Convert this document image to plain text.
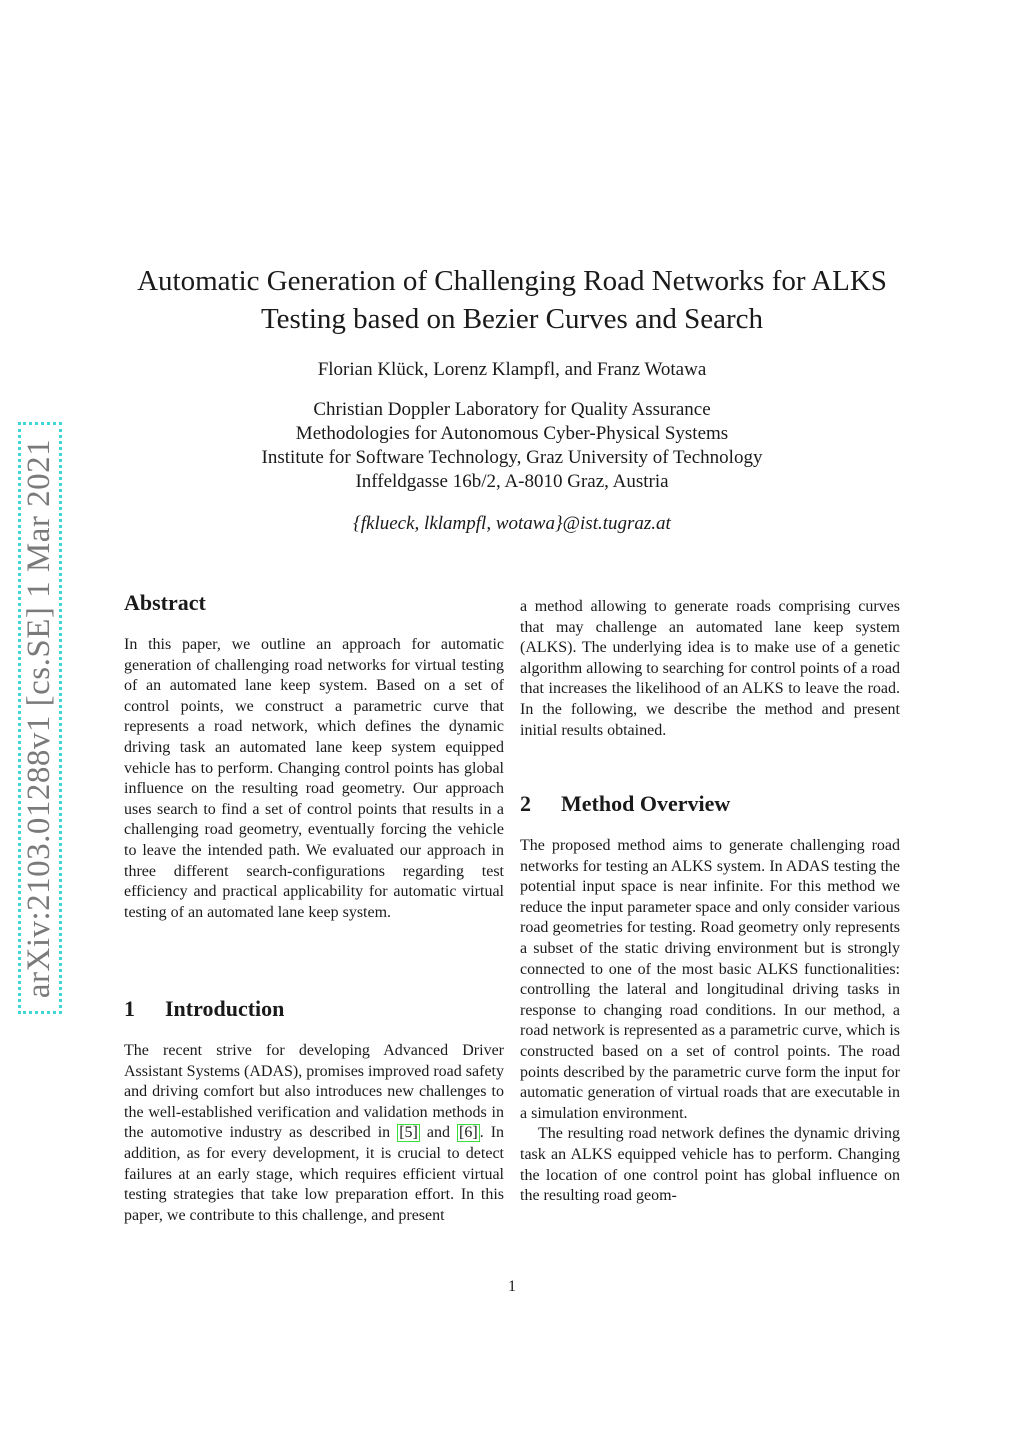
arXiv:2103.01288v1 [cs.SE] 1 Mar 2021
Automatic Generation of Challenging Road Networks for ALKS
Testing based on Bezier Curves and Search
Florian Klück, Lorenz Klampfl, and Franz Wotawa
Christian Doppler Laboratory for Quality Assurance
Methodologies for Autonomous Cyber-Physical Systems
Institute for Software Technology, Graz University of Technology
Inffeldgasse 16b/2, A-8010 Graz, Austria
{fklueck, lklampfl, wotawa}@ist.tugraz.at
Abstract

In this paper, we outline an approach for automatic generation of challenging road networks for virtual testing of an automated lane keep system. Based on a set of control points, we construct a parametric curve that represents a road network, which defines the dynamic driving task an automated lane keep system equipped vehicle has to perform. Changing control points has global influence on the resulting road geometry. Our approach uses search to find a set of control points that results in a challenging road geometry, eventually forcing the vehicle to leave the intended path. We evaluated our approach in three different search-configurations regarding test efficiency and practical applicability for automatic virtual testing of an automated lane keep system.

1 Introduction

The recent strive for developing Advanced Driver Assistant Systems (ADAS), promises improved road safety and driving comfort but also introduces new challenges to the well-established verification and validation methods in the automotive industry as described in [5] and [6] . In addition, as for every development, it is crucial to detect failures at an early stage, which requires efficient virtual testing strategies that take low preparation effort. In this paper, we contribute to this challenge, and present

a method allowing to generate roads comprising curves that may challenge an automated lane keep system (ALKS). The underlying idea is to make use of a genetic algorithm allowing to searching for control points of a road that increases the likelihood of an ALKS to leave the road. In the following, we describe the method and present initial results obtained.

2 Method Overview

The proposed method aims to generate challenging road networks for testing an ALKS system. In ADAS testing the potential input space is near infinite. For this method we reduce the input parameter space and only consider various road geometries for testing. Road geometry only represents a subset of the static driving environment but is strongly connected to one of the most basic ALKS functionalities: controlling the lateral and longitudinal driving tasks in response to changing road conditions. In our method, a road network is represented as a parametric curve, which is constructed based on a set of control points. The road points described by the parametric curve form the input for automatic generation of virtual roads that are executable in a simulation environment.

The resulting road network defines the dynamic driving task an ALKS equipped vehicle has to perform. Changing the location of one control point has global influence on the resulting road geom-

1
